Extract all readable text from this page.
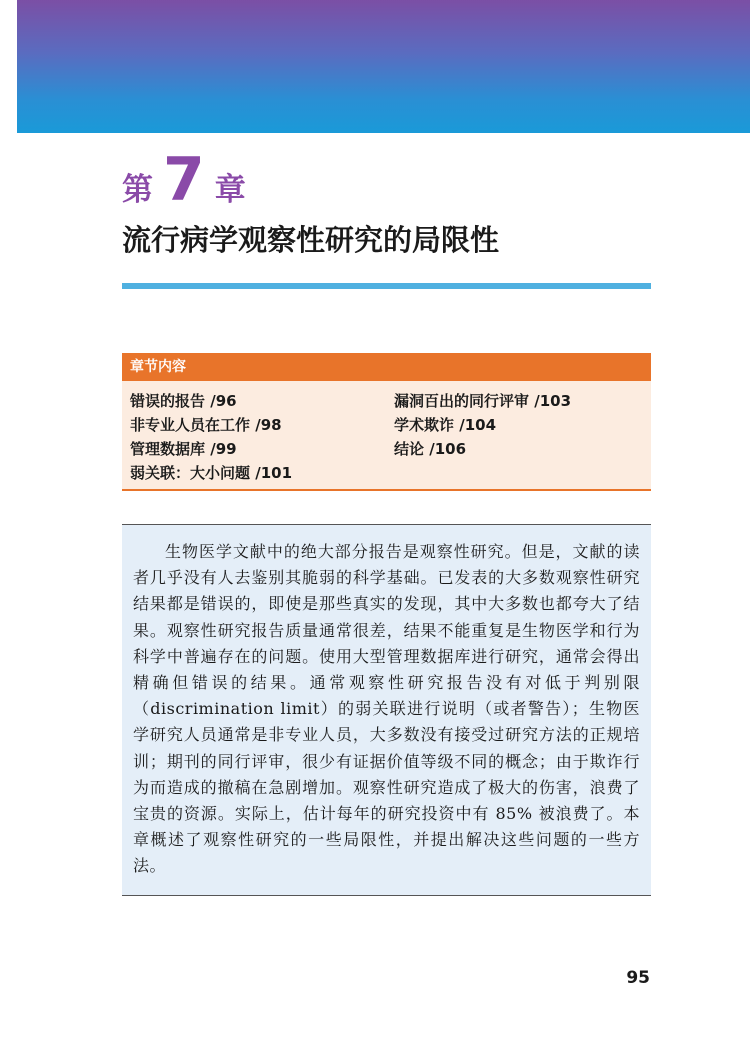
第 7 章
流行病学观察性研究的局限性
章节内容
错误的报告 /96
非专业人员在工作 /98
管理数据库 /99
弱关联：大小问题 /101
漏洞百出的同行评审 /103
学术欺诈 /104
结论 /106

生物医学文献中的绝大部分报告是观察性研究。但是，文献的读者几乎没有人去鉴别其脆弱的科学基础。已发表的大多数观察性研究结果都是错误的，即使是那些真实的发现，其中大多数也都夸大了结果。观察性研究报告质量通常很差，结果不能重复是生物医学和行为科学中普遍存在的问题。使用大型管理数据库进行研究，通常会得出精确但错误的结果。通常观察性研究报告没有对低于判别限（discrimination limit）的弱关联进行说明（或者警告）；生物医学研究人员通常是非专业人员，大多数没有接受过研究方法的正规培训；期刊的同行评审，很少有证据价值等级不同的概念；由于欺诈行为而造成的撤稿在急剧增加。观察性研究造成了极大的伤害，浪费了宝贵的资源。实际上，估计每年的研究投资中有 85% 被浪费了。本章概述了观察性研究的一些局限性，并提出解决这些问题的一些方法。

95
